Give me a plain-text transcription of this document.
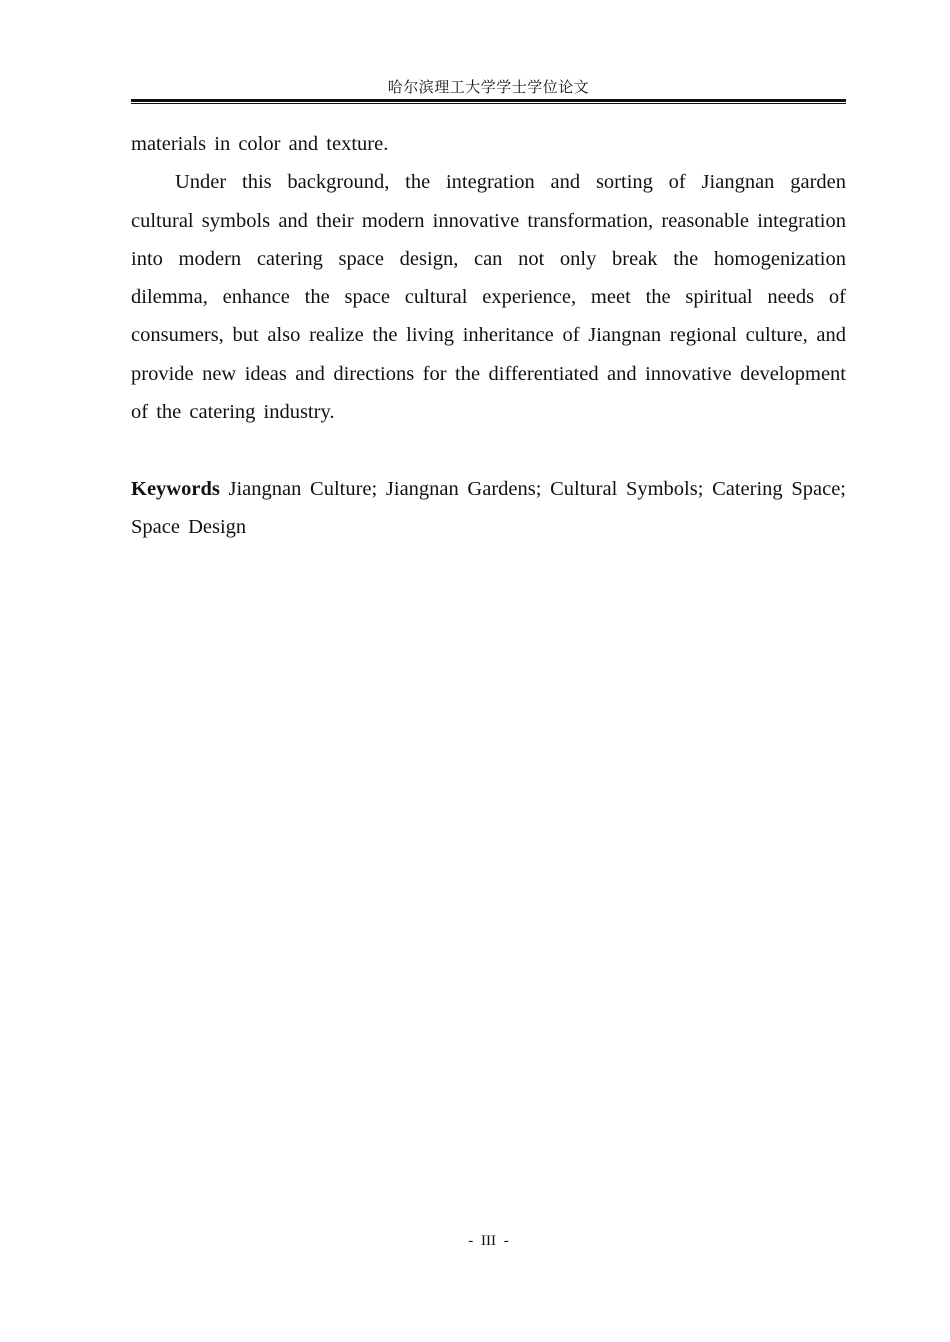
哈尔滨理工大学学士学位论文

materials in color and texture.

Under this background, the integration and sorting of Jiangnan garden cultural symbols and their modern innovative transformation, reasonable integration into modern catering space design, can not only break the homogenization dilemma, enhance the space cultural experience, meet the spiritual needs of consumers, but also realize the living inheritance of Jiangnan regional culture, and provide new ideas and directions for the differentiated and innovative development of the catering industry.

Keywords Jiangnan Culture; Jiangnan Gardens; Cultural Symbols; Catering Space; Space Design

- III -
